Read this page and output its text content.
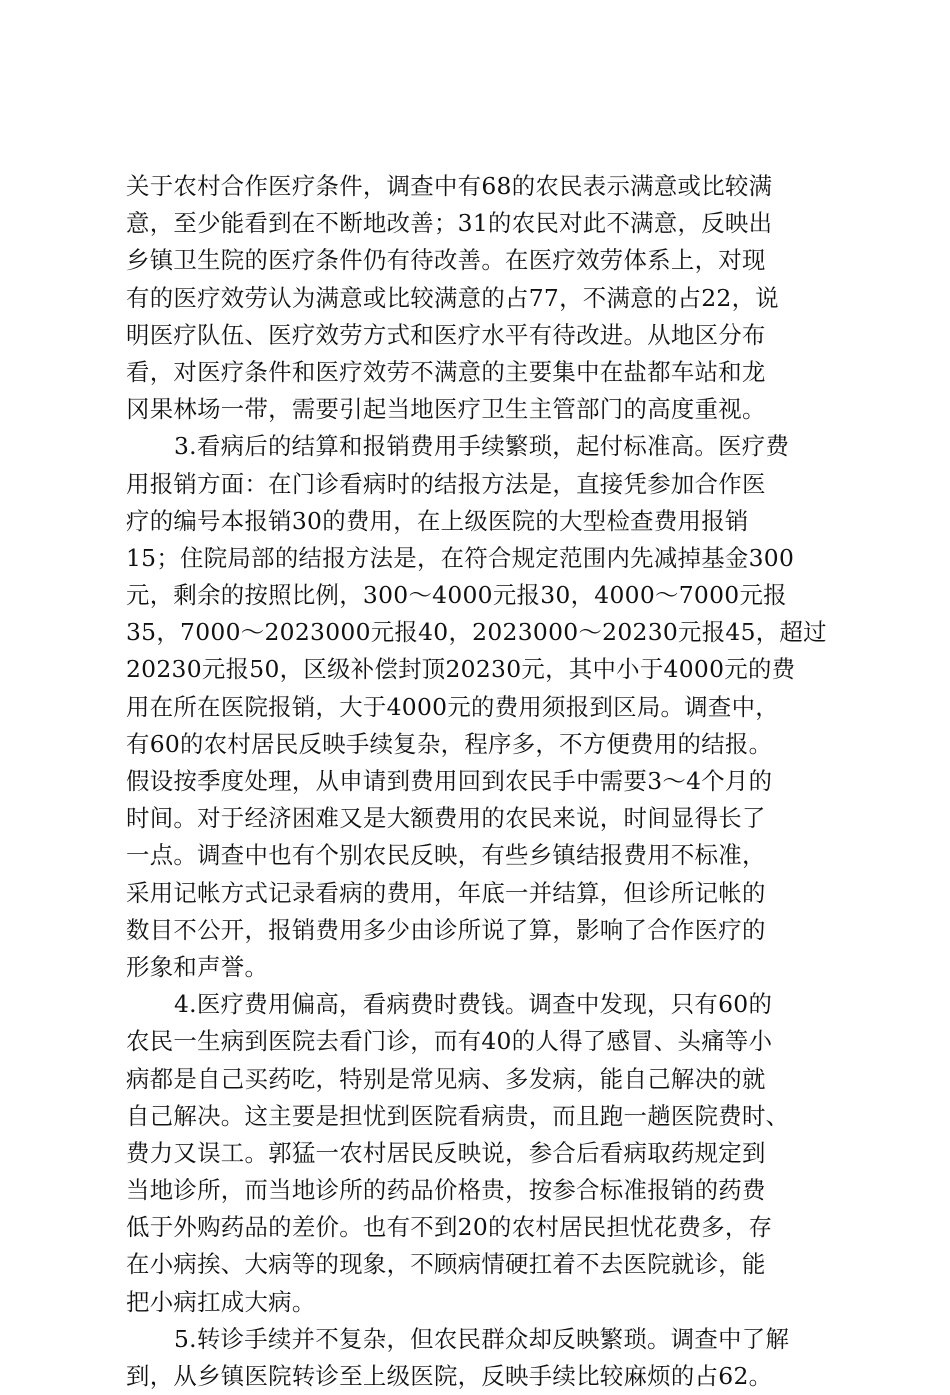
关于农村合作医疗条件，调查中有68的农民表示满意或比较满
意，至少能看到在不断地改善；31的农民对此不满意，反映出
乡镇卫生院的医疗条件仍有待改善。在医疗效劳体系上，对现
有的医疗效劳认为满意或比较满意的占77，不满意的占22，说
明医疗队伍、医疗效劳方式和医疗水平有待改进。从地区分布
看，对医疗条件和医疗效劳不满意的主要集中在盐都车站和龙
冈果林场一带，需要引起当地医疗卫生主管部门的高度重视。
3.看病后的结算和报销费用手续繁琐，起付标准高。医疗费
用报销方面：在门诊看病时的结报方法是，直接凭参加合作医
疗的编号本报销30的费用，在上级医院的大型检查费用报销
15；住院局部的结报方法是，在符合规定范围内先减掉基金300
元，剩余的按照比例，300～4000元报30，4000～7000元报
35，7000～2023000元报40，2023000～20230元报45，超过
20230元报50，区级补偿封顶20230元，其中小于4000元的费
用在所在医院报销，大于4000元的费用须报到区局。调查中，
有60的农村居民反映手续复杂，程序多，不方便费用的结报。
假设按季度处理，从申请到费用回到农民手中需要3～4个月的
时间。对于经济困难又是大额费用的农民来说，时间显得长了
一点。调查中也有个别农民反映，有些乡镇结报费用不标准，
采用记帐方式记录看病的费用，年底一并结算，但诊所记帐的
数目不公开，报销费用多少由诊所说了算，影响了合作医疗的
形象和声誉。
4.医疗费用偏高，看病费时费钱。调查中发现，只有60的
农民一生病到医院去看门诊，而有40的人得了感冒、头痛等小
病都是自己买药吃，特别是常见病、多发病，能自己解决的就
自己解决。这主要是担忧到医院看病贵，而且跑一趟医院费时、
费力又误工。郭猛一农村居民反映说，参合后看病取药规定到
当地诊所，而当地诊所的药品价格贵，按参合标准报销的药费
低于外购药品的差价。也有不到20的农村居民担忧花费多，存
在小病挨、大病等的现象，不顾病情硬扛着不去医院就诊，能
把小病扛成大病。
5.转诊手续并不复杂，但农民群众却反映繁琐。调查中了解
到，从乡镇医院转诊至上级医院，反映手续比较麻烦的占62。
